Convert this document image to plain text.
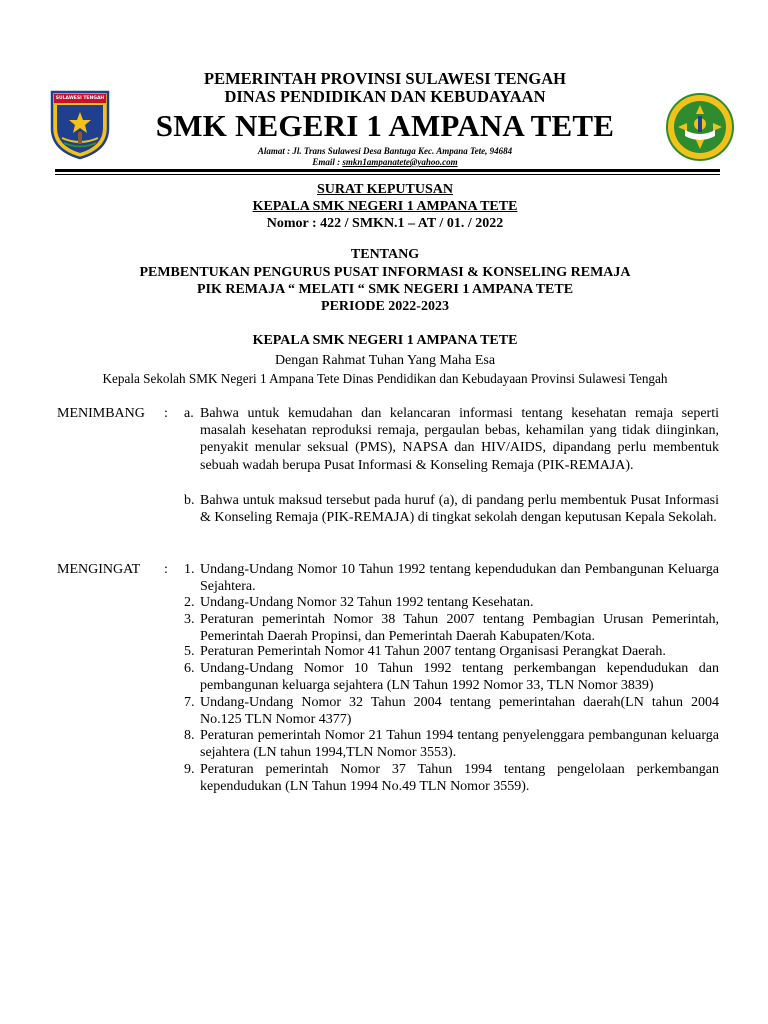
SULAWESI TENGAH
PEMERINTAH PROVINSI SULAWESI TENGAH
DINAS PENDIDIKAN DAN KEBUDAYAAN
SMK NEGERI 1 AMPANA TETE
Alamat : Jl. Trans Sulawesi Desa Bantuga Kec. Ampana Tete, 94684
Email : smkn1ampanatete@yahoo.com
SURAT KEPUTUSAN
KEPALA SMK NEGERI 1 AMPANA TETE
Nomor : 422 / SMKN.1 – AT / 01. / 2022
TENTANG
PEMBENTUKAN PENGURUS PUSAT INFORMASI & KONSELING REMAJA
PIK REMAJA “ MELATI “ SMK NEGERI 1 AMPANA TETE
PERIODE 2022-2023
KEPALA SMK NEGERI 1 AMPANA TETE
Dengan Rahmat Tuhan Yang Maha Esa
Kepala Sekolah SMK Negeri 1 Ampana Tete Dinas Pendidikan dan Kebudayaan Provinsi Sulawesi Tengah
MENIMBANG : a. Bahwa untuk kemudahan dan kelancaran informasi tentang kesehatan remaja seperti masalah kesehatan reproduksi remaja, pergaulan bebas, kehamilan yang tidak diinginkan, penyakit menular seksual (PMS), NAPSA dan HIV/AIDS, dipandang perlu membentuk sebuah wadah berupa Pusat Informasi & Konseling Remaja (PIK-REMAJA).
b. Bahwa untuk maksud tersebut pada huruf (a), di pandang perlu membentuk Pusat Informasi & Konseling Remaja (PIK-REMAJA) di tingkat sekolah dengan keputusan Kepala Sekolah.
MENGINGAT : 1. Undang-Undang Nomor 10 Tahun 1992 tentang kependudukan dan Pembangunan Keluarga Sejahtera.
2. Undang-Undang Nomor 32 Tahun 1992 tentang Kesehatan.
3. Peraturan pemerintah Nomor 38 Tahun 2007 tentang Pembagian Urusan Pemerintah, Pemerintah Daerah Propinsi, dan Pemerintah Daerah Kabupaten/Kota.
5. Peraturan Pemerintah Nomor 41 Tahun 2007 tentang Organisasi Perangkat Daerah.
6. Undang-Undang Nomor 10 Tahun 1992 tentang perkembangan kependudukan dan pembangunan keluarga sejahtera (LN Tahun 1992 Nomor 33, TLN Nomor 3839)
7. Undang-Undang Nomor 32 Tahun 2004 tentang pemerintahan daerah(LN tahun 2004 No.125 TLN Nomor 4377)
8. Peraturan pemerintah Nomor 21 Tahun 1994 tentang penyelenggara pembangunan keluarga sejahtera (LN tahun 1994,TLN Nomor 3553).
9. Peraturan pemerintah Nomor 37 Tahun 1994 tentang pengelolaan perkembangan kependudukan (LN Tahun 1994 No.49 TLN Nomor 3559).
